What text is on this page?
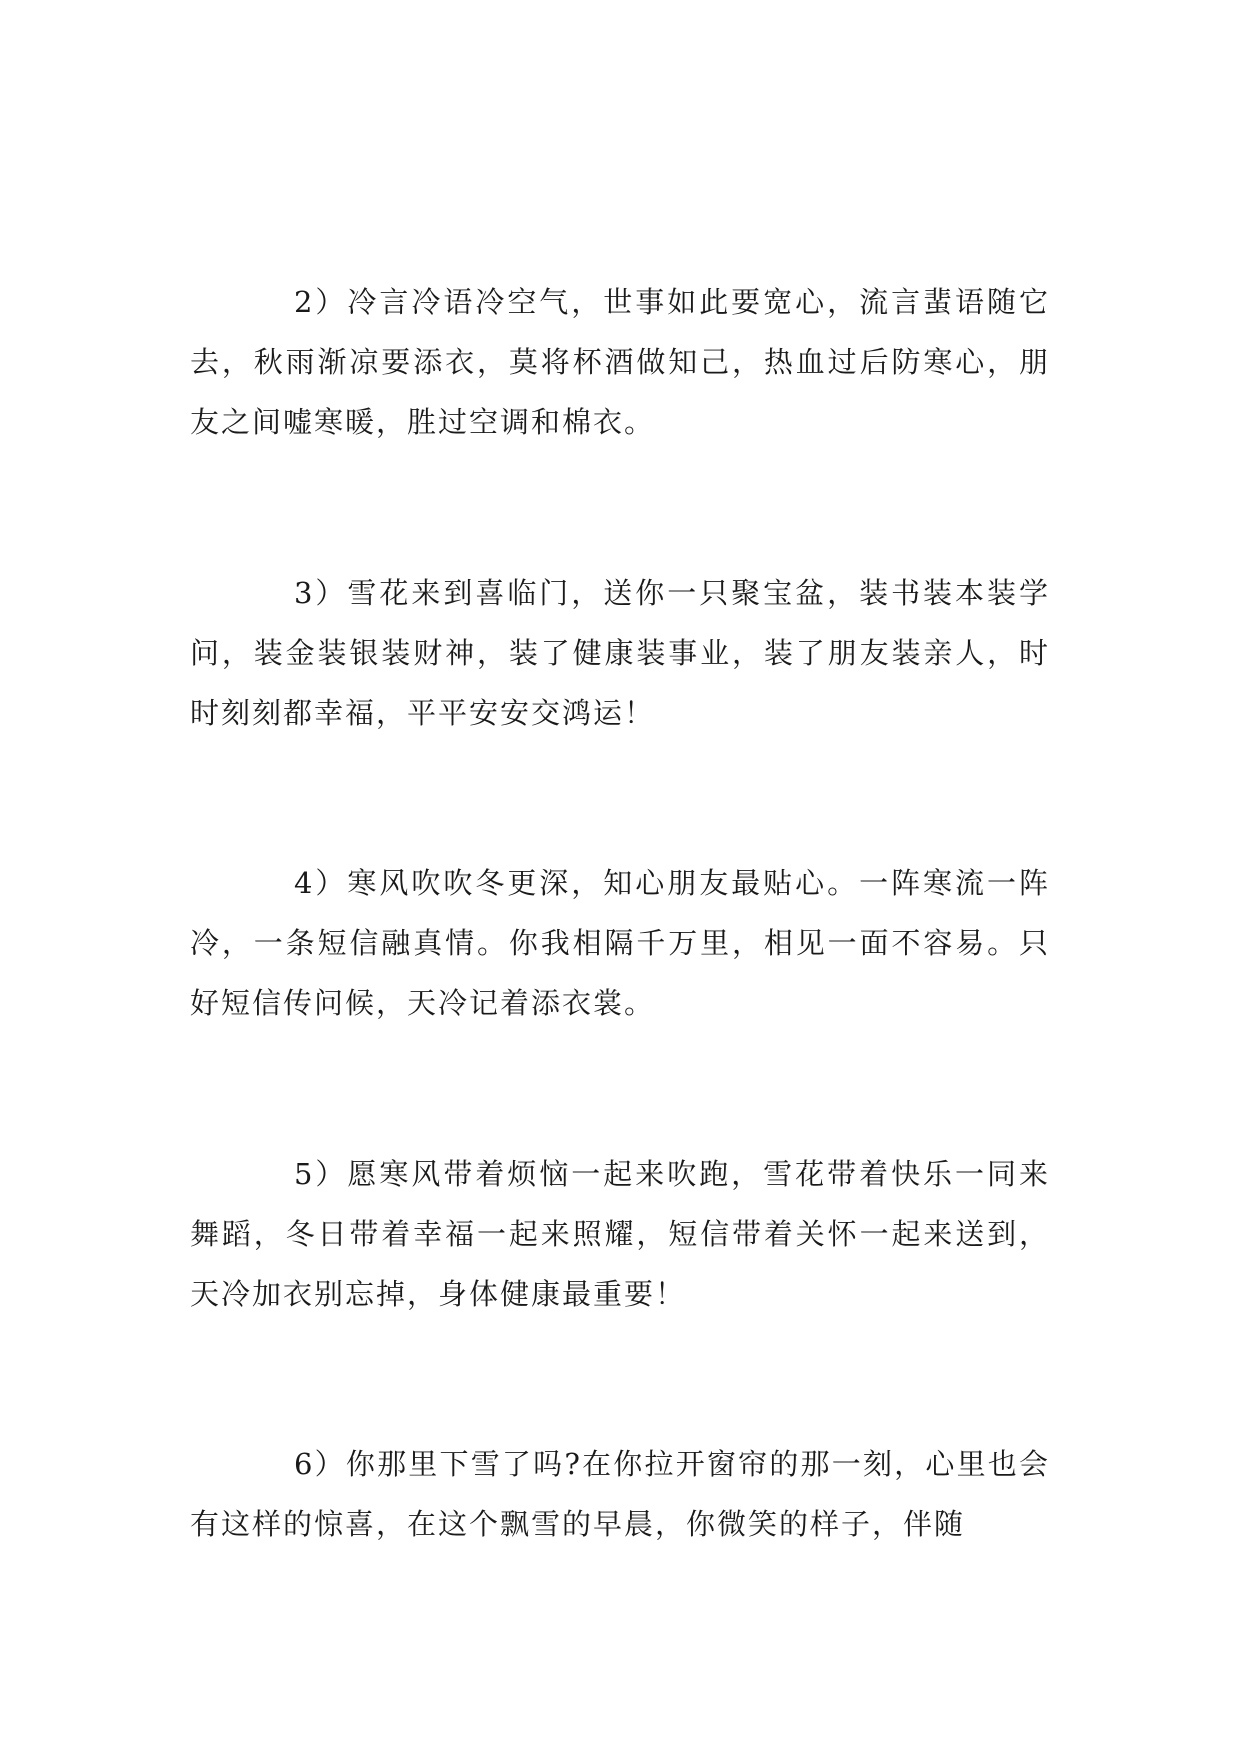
2）冷言冷语冷空气，世事如此要宽心，流言蜚语随它去，秋雨渐凉要添衣，莫将杯酒做知己，热血过后防寒心，朋友之间嘘寒暖，胜过空调和棉衣。

3）雪花来到喜临门，送你一只聚宝盆，装书装本装学问，装金装银装财神，装了健康装事业，装了朋友装亲人，时时刻刻都幸福，平平安安交鸿运！

4）寒风吹吹冬更深，知心朋友最贴心。一阵寒流一阵冷，一条短信融真情。你我相隔千万里，相见一面不容易。只好短信传问候，天冷记着添衣裳。

5）愿寒风带着烦恼一起来吹跑，雪花带着快乐一同来舞蹈，冬日带着幸福一起来照耀，短信带着关怀一起来送到，天冷加衣别忘掉，身体健康最重要！

6）你那里下雪了吗?在你拉开窗帘的那一刻，心里也会有这样的惊喜，在这个飘雪的早晨，你微笑的样子，伴随
